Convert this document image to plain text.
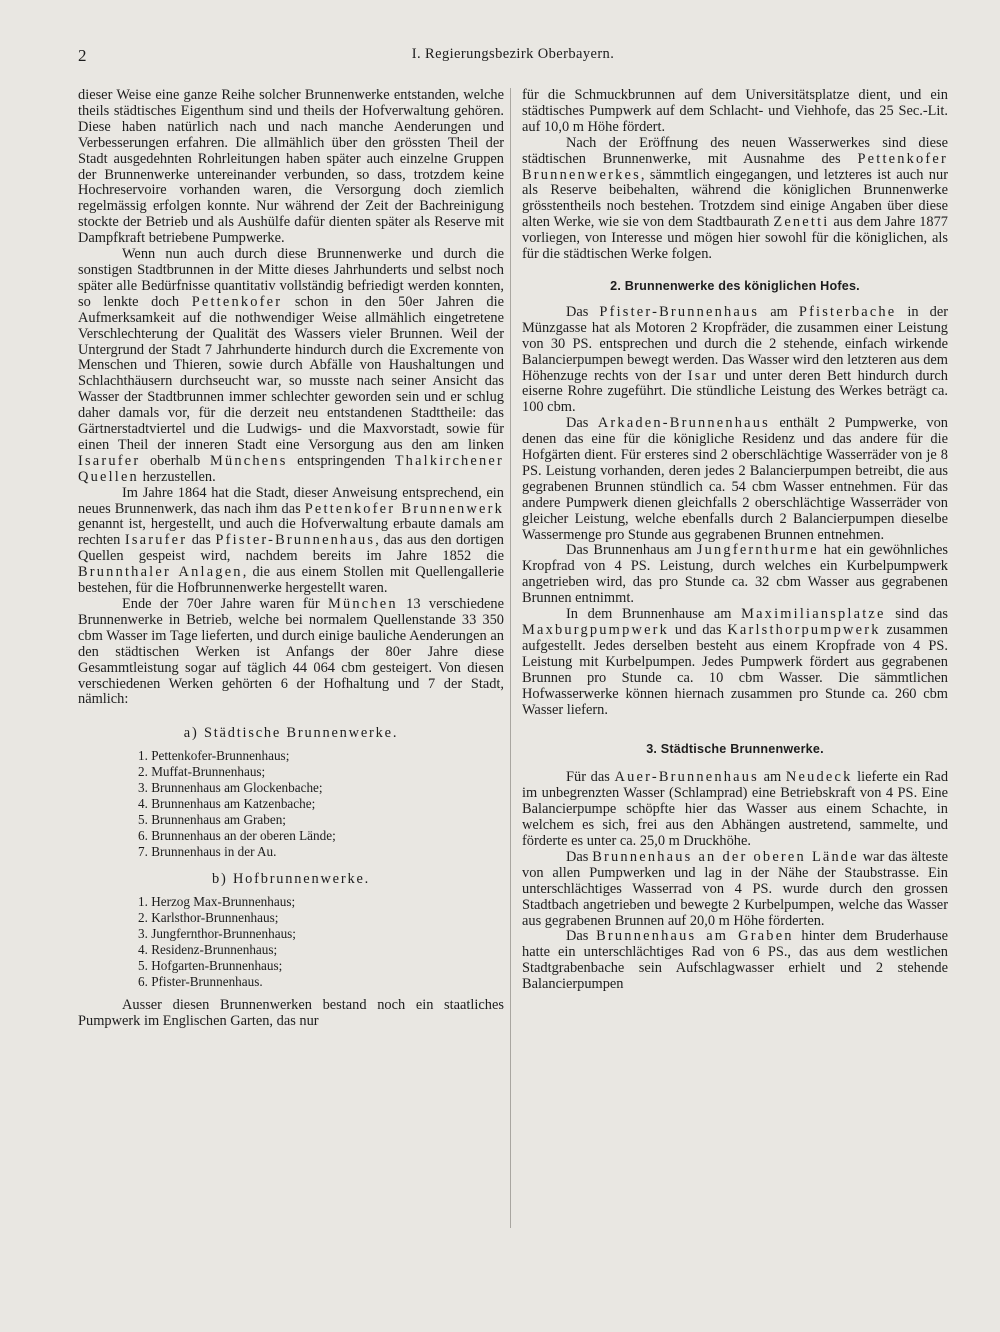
2	I. Regierungsbezirk Oberbayern.

dieser Weise eine ganze Reihe solcher Brunnenwerke entstanden, welche theils städtisches Eigenthum sind und theils der Hofverwaltung gehören. Diese haben natürlich nach und nach manche Aenderungen und Verbesserungen erfahren. Die allmählich über den grössten Theil der Stadt ausgedehnten Rohrleitungen haben später auch einzelne Gruppen der Brunnenwerke untereinander verbunden, so dass, trotzdem keine Hochreservoire vorhanden waren, die Versorgung doch ziemlich regelmässig erfolgen konnte. Nur während der Zeit der Bachreinigung stockte der Betrieb und als Aushülfe dafür dienten später als Reserve mit Dampfkraft betriebene Pumpwerke.

Wenn nun auch durch diese Brunnenwerke und durch die sonstigen Stadtbrunnen in der Mitte dieses Jahrhunderts und selbst noch später alle Bedürfnisse quantitativ vollständig befriedigt werden konnten, so lenkte doch Pettenkofer schon in den 50er Jahren die Aufmerksamkeit auf die nothwendiger Weise allmählich eingetretene Verschlechterung der Qualität des Wassers vieler Brunnen. Weil der Untergrund der Stadt 7 Jahrhunderte hindurch durch die Excremente von Menschen und Thieren, sowie durch Abfälle von Haushaltungen und Schlachthäusern durchseucht war, so musste nach seiner Ansicht das Wasser der Stadtbrunnen immer schlechter geworden sein und er schlug daher damals vor, für die derzeit neu entstandenen Stadttheile: das Gärtnerstadtviertel und die Ludwigs- und die Maxvorstadt, sowie für einen Theil der inneren Stadt eine Versorgung aus den am linken Isarufer oberhalb Münchens entspringenden Thalkirchener Quellen herzustellen.

Im Jahre 1864 hat die Stadt, dieser Anweisung entsprechend, ein neues Brunnenwerk, das nach ihm das Pettenkofer Brunnenwerk genannt ist, hergestellt, und auch die Hofverwaltung erbaute damals am rechten Isarufer das Pfister-Brunnenhaus, das aus den dortigen Quellen gespeist wird, nachdem bereits im Jahre 1852 die Brunnthaler Anlagen, die aus einem Stollen mit Quellengallerie bestehen, für die Hofbrunnenwerke hergestellt waren.

Ende der 70er Jahre waren für München 13 verschiedene Brunnenwerke in Betrieb, welche bei normalem Quellenstande 33 350 cbm Wasser im Tage lieferten, und durch einige bauliche Aenderungen an den städtischen Werken ist Anfangs der 80er Jahre diese Gesammtleistung sogar auf täglich 44 064 cbm gesteigert. Von diesen verschiedenen Werken gehörten 6 der Hofhaltung und 7 der Stadt, nämlich:

a) Städtische Brunnenwerke.
1. Pettenkofer-Brunnenhaus;
2. Muffat-Brunnenhaus;
3. Brunnenhaus am Glockenbache;
4. Brunnenhaus am Katzenbache;
5. Brunnenhaus am Graben;
6. Brunnenhaus an der oberen Lände;
7. Brunnenhaus in der Au.
b) Hofbrunnenwerke.
1. Herzog Max-Brunnenhaus;
2. Karlsthor-Brunnenhaus;
3. Jungfernthor-Brunnenhaus;
4. Residenz-Brunnenhaus;
5. Hofgarten-Brunnenhaus;
6. Pfister-Brunnenhaus.

Ausser diesen Brunnenwerken bestand noch ein staatliches Pumpwerk im Englischen Garten, das nur

für die Schmuckbrunnen auf dem Universitätsplatze dient, und ein städtisches Pumpwerk auf dem Schlacht- und Viehhofe, das 25 Sec.-Lit. auf 10,0 m Höhe fördert.

Nach der Eröffnung des neuen Wasserwerkes sind diese städtischen Brunnenwerke, mit Ausnahme des Pettenkofer Brunnenwerkes, sämmtlich eingegangen, und letzteres ist auch nur als Reserve beibehalten, während die königlichen Brunnenwerke grösstentheils noch bestehen. Trotzdem sind einige Angaben über diese alten Werke, wie sie von dem Stadtbaurath Zenetti aus dem Jahre 1877 vorliegen, von Interesse und mögen hier sowohl für die königlichen, als für die städtischen Werke folgen.

2. Brunnenwerke des königlichen Hofes.

Das Pfister-Brunnenhaus am Pfisterbache in der Münzgasse hat als Motoren 2 Kropfräder, die zusammen einer Leistung von 30 PS. entsprechen und durch die 2 stehende, einfach wirkende Balancierpumpen bewegt werden. Das Wasser wird den letzteren aus dem Höhenzuge rechts von der Isar und unter deren Bett hindurch durch eiserne Rohre zugeführt. Die stündliche Leistung des Werkes beträgt ca. 100 cbm.

Das Arkaden-Brunnenhaus enthält 2 Pumpwerke, von denen das eine für die königliche Residenz und das andere für die Hofgärten dient. Für ersteres sind 2 oberschlächtige Wasserräder von je 8 PS. Leistung vorhanden, deren jedes 2 Balancierpumpen betreibt, die aus gegrabenen Brunnen stündlich ca. 54 cbm Wasser entnehmen. Für das andere Pumpwerk dienen gleichfalls 2 oberschlächtige Wasserräder von gleicher Leistung, welche ebenfalls durch 2 Balancierpumpen dieselbe Wassermenge pro Stunde aus gegrabenen Brunnen entnehmen.

Das Brunnenhaus am Jungfernthurme hat ein gewöhnliches Kropfrad von 4 PS. Leistung, durch welches ein Kurbelpumpwerk angetrieben wird, das pro Stunde ca. 32 cbm Wasser aus gegrabenen Brunnen entnimmt.

In dem Brunnenhause am Maximiliansplatze sind das Maxburgpumpwerk und das Karlsthorpumpwerk zusammen aufgestellt. Jedes derselben besteht aus einem Kropfrade von 4 PS. Leistung mit Kurbelpumpen. Jedes Pumpwerk fördert aus gegrabenen Brunnen pro Stunde ca. 10 cbm Wasser. Die sämmtlichen Hofwasserwerke können hiernach zusammen pro Stunde ca. 260 cbm Wasser liefern.

3. Städtische Brunnenwerke.

Für das Auer-Brunnenhaus am Neudeck lieferte ein Rad im unbegrenzten Wasser (Schlamprad) eine Betriebskraft von 4 PS. Eine Balancierpumpe schöpfte hier das Wasser aus einem Schachte, in welchem es sich, frei aus den Abhängen austretend, sammelte, und förderte es unter ca. 25,0 m Druckhöhe.

Das Brunnenhaus an der oberen Lände war das älteste von allen Pumpwerken und lag in der Nähe der Staubstrasse. Ein unterschlächtiges Wasserrad von 4 PS. wurde durch den grossen Stadtbach angetrieben und bewegte 2 Kurbelpumpen, welche das Wasser aus gegrabenen Brunnen auf 20,0 m Höhe förderten.

Das Brunnenhaus am Graben hinter dem Bruderhause hatte ein unterschlächtiges Rad von 6 PS., das aus dem westlichen Stadtgrabenbache sein Aufschlagwasser erhielt und 2 stehende Balancierpumpen
